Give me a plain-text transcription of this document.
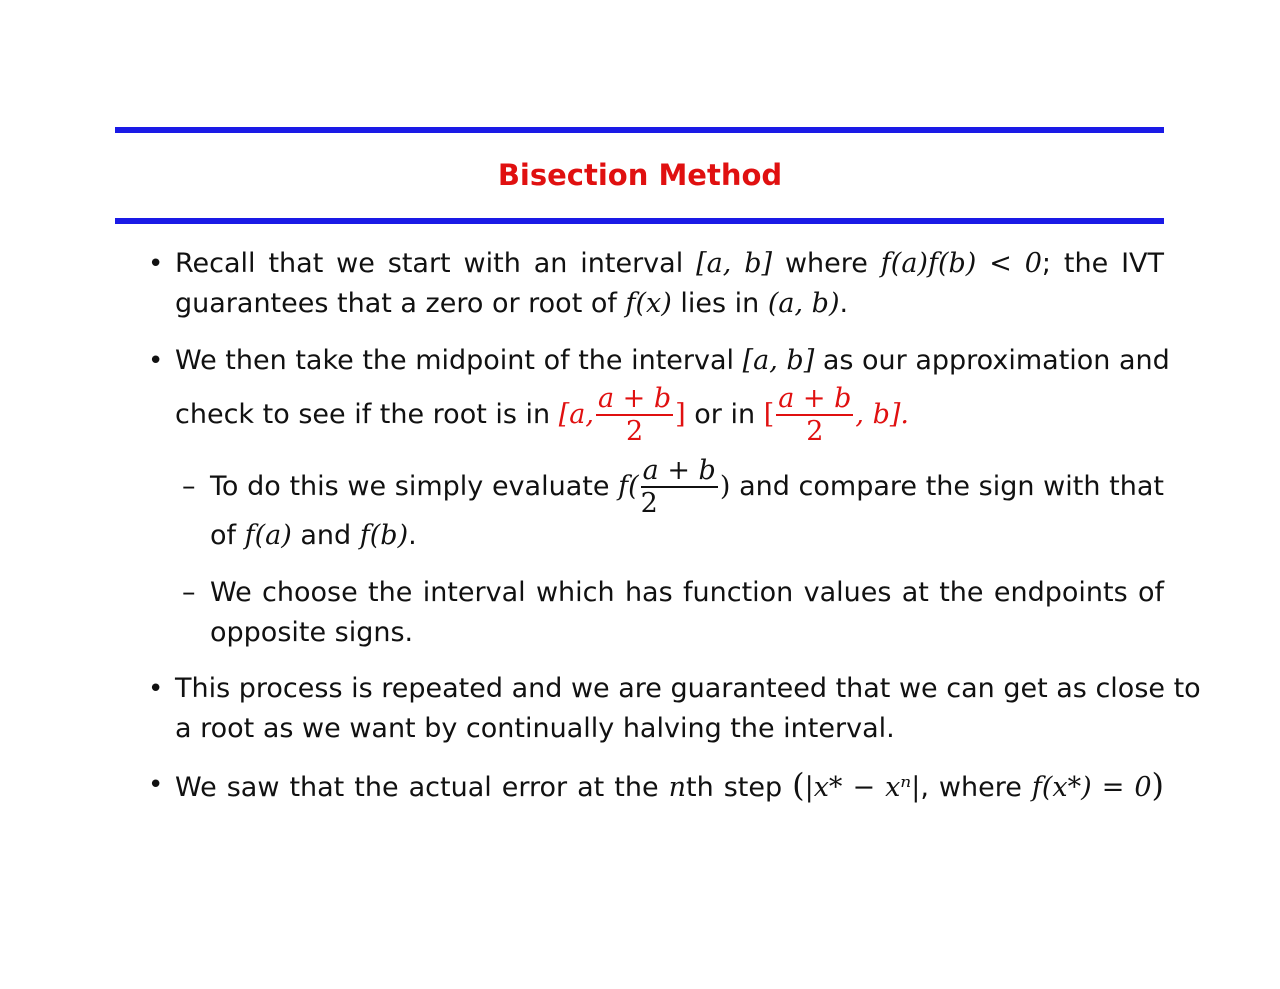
Bisection Method
• Recall that we start with an interval [a, b] where f(a)f(b) < 0; the IVT
guarantees that a zero or root of f(x) lies in (a, b).
• We then take the midpoint of the interval [a, b] as our approximation and
check to see if the root is in [a, $\frac{a + b}{2}$ ] or in [ $\frac{a + b}{2}$ , b].
– To do this we simply evaluate $f( \frac{a + b}{2}$ ) and compare the sign with that
of f(a) and f(b).
– We choose the interval which has function values at the endpoints of
opposite signs.
• This process is repeated and we are guaranteed that we can get as close to
a root as we want by continually halving the interval.
• We saw that the actual error at the nth step (|x* − xⁿ|, where f(x*) = 0)
